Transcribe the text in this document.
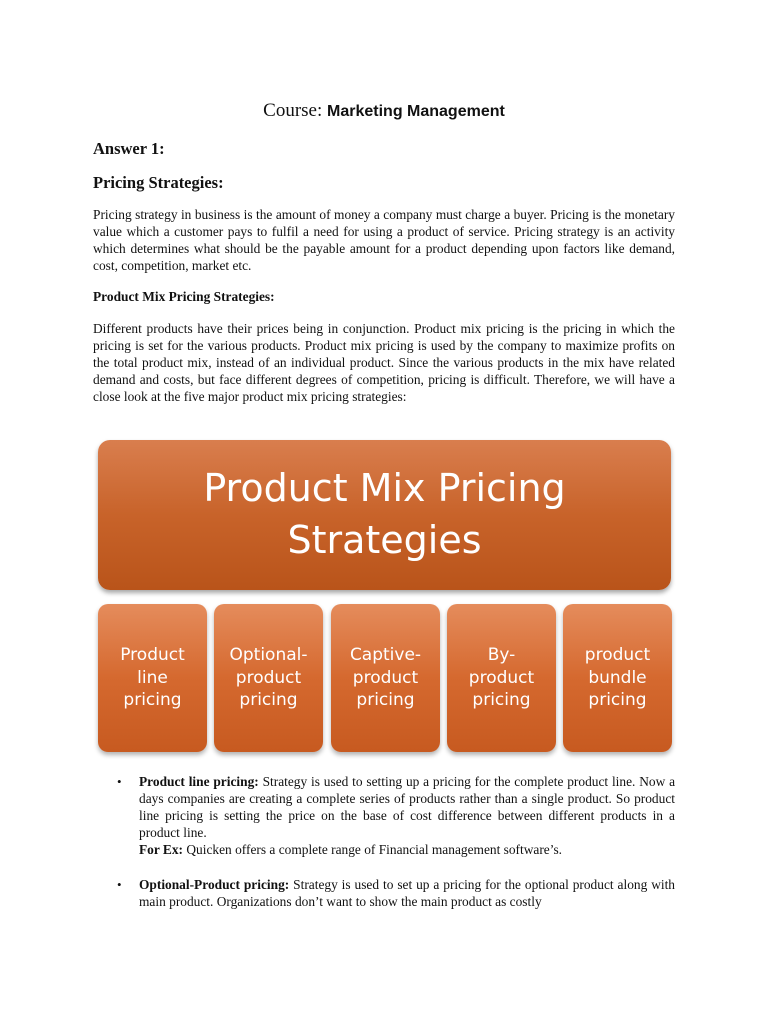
Course: Marketing Management
Answer 1:
Pricing Strategies:
Pricing strategy in business is the amount of money a company must charge a buyer. Pricing is the monetary value which a customer pays to fulfil a need for using a product of service. Pricing strategy is an activity which determines what should be the payable amount for a product depending upon factors like demand, cost, competition, market etc.
Product Mix Pricing Strategies:
Different products have their prices being in conjunction. Product mix pricing is the pricing in which the pricing is set for the various products. Product mix pricing is used by the company to maximize profits on the total product mix, instead of an individual product. Since the various products in the mix have related demand and costs, but face different degrees of competition, pricing is difficult. Therefore, we will have a close look at the five major product mix pricing strategies:
Product Mix Pricing
Strategies
Product
line
pricing
Optional-
product
pricing
Captive-
product
pricing
By-
product
pricing
product
bundle
pricing
• Product line pricing: Strategy is used to setting up a pricing for the complete product line. Now a days companies are creating a complete series of products rather than a single product. So product line pricing is setting the price on the base of cost difference between different products in a product line.
For Ex: Quicken offers a complete range of Financial management software’s.
• Optional-Product pricing: Strategy is used to set up a pricing for the optional product along with main product. Organizations don’t want to show the main product as costly
